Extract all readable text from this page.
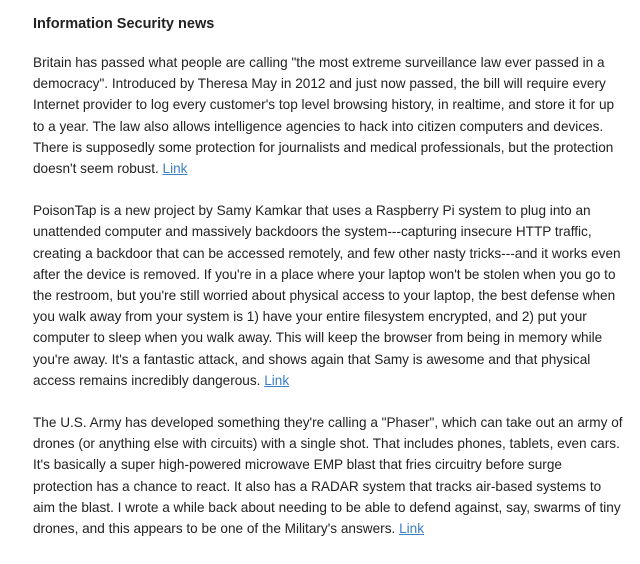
Information Security news

Britain has passed what people are calling "the most extreme surveillance law ever passed in a democracy". Introduced by Theresa May in 2012 and just now passed, the bill will require every Internet provider to log every customer's top level browsing history, in realtime, and store it for up to a year. The law also allows intelligence agencies to hack into citizen computers and devices. There is supposedly some protection for journalists and medical professionals, but the protection doesn't seem robust. Link

PoisonTap is a new project by Samy Kamkar that uses a Raspberry Pi system to plug into an unattended computer and massively backdoors the system---capturing insecure HTTP traffic, creating a backdoor that can be accessed remotely, and few other nasty tricks---and it works even after the device is removed. If you're in a place where your laptop won't be stolen when you go to the restroom, but you're still worried about physical access to your laptop, the best defense when you walk away from your system is 1) have your entire filesystem encrypted, and 2) put your computer to sleep when you walk away. This will keep the browser from being in memory while you're away. It's a fantastic attack, and shows again that Samy is awesome and that physical access remains incredibly dangerous. Link

The U.S. Army has developed something they're calling a "Phaser", which can take out an army of drones (or anything else with circuits) with a single shot. That includes phones, tablets, even cars. It's basically a super high-powered microwave EMP blast that fries circuitry before surge protection has a chance to react. It also has a RADAR system that tracks air-based systems to aim the blast. I wrote a while back about needing to be able to defend against, say, swarms of tiny drones, and this appears to be one of the Military's answers. Link
